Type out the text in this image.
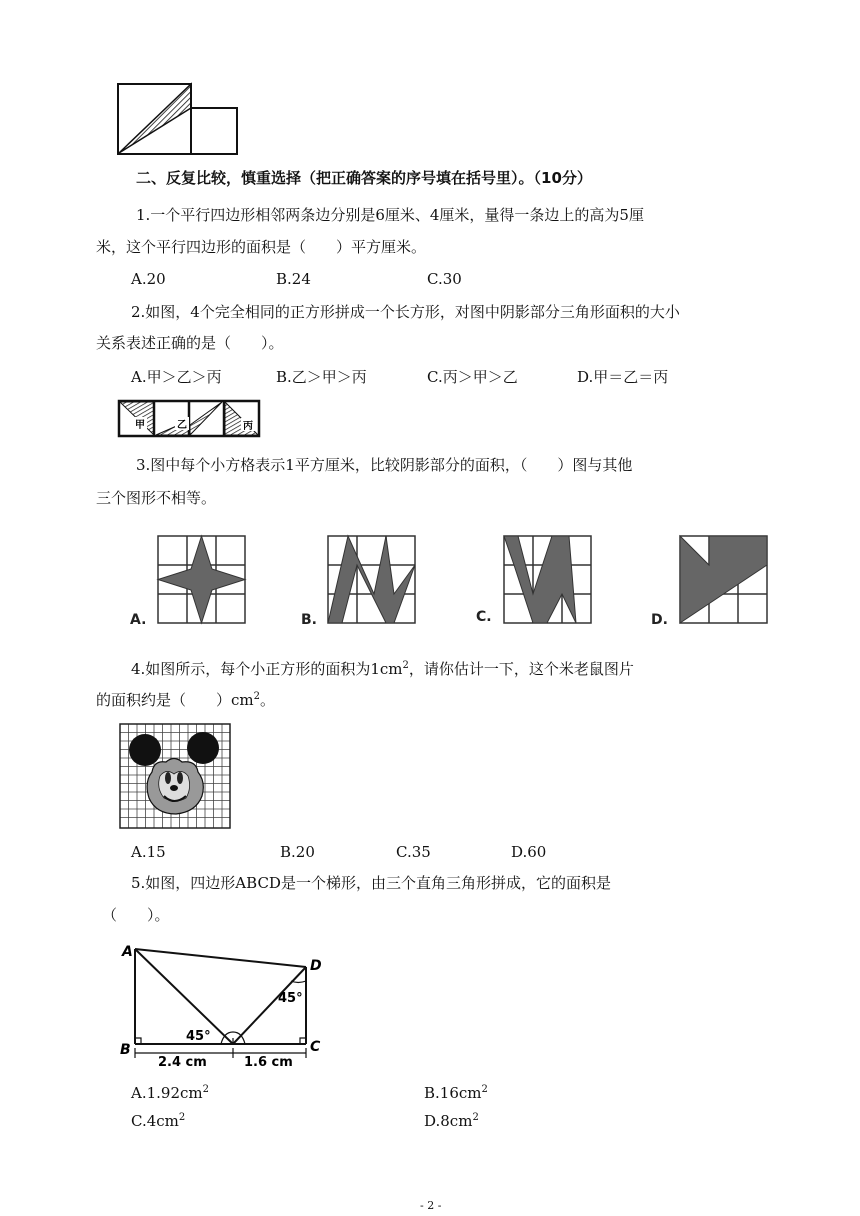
二、反复比较，慎重选择（把正确答案的序号填在括号里）。（10分）
1.一个平行四边形相邻两条边分别是6厘米、4厘米，量得一条边上的高为5厘
米，这个平行四边形的面积是（　　）平方厘米。
A.20	B.24	C.30
2.如图，4个完全相同的正方形拼成一个长方形，对图中阴影部分三角形面积的大小
关系表述正确的是（　　）。
A.甲＞乙＞丙	B.乙＞甲＞丙	C.丙＞甲＞乙	D.甲＝乙＝丙
甲	乙	丙
3.图中每个小方格表示1平方厘米，比较阴影部分的面积，（　　）图与其他
三个图形不相等。
A.	B.	C.	D.
4.如图所示，每个小正方形的面积为$1cm^2$，请你估计一下，这个米老鼠图片
的面积约是（　　）$cm^2$。
A.15	B.20	C.35	D.60
5.如图，四边形ABCD是一个梯形，由三个直角三角形拼成，它的面积是
（　　）。
A
B	C
D
45°
45°
2.4 cm	1.6 cm
$A.1.92cm^2$	$B.16cm^2$
$C.4cm^2$	$D.8cm^2$
- 2 -
